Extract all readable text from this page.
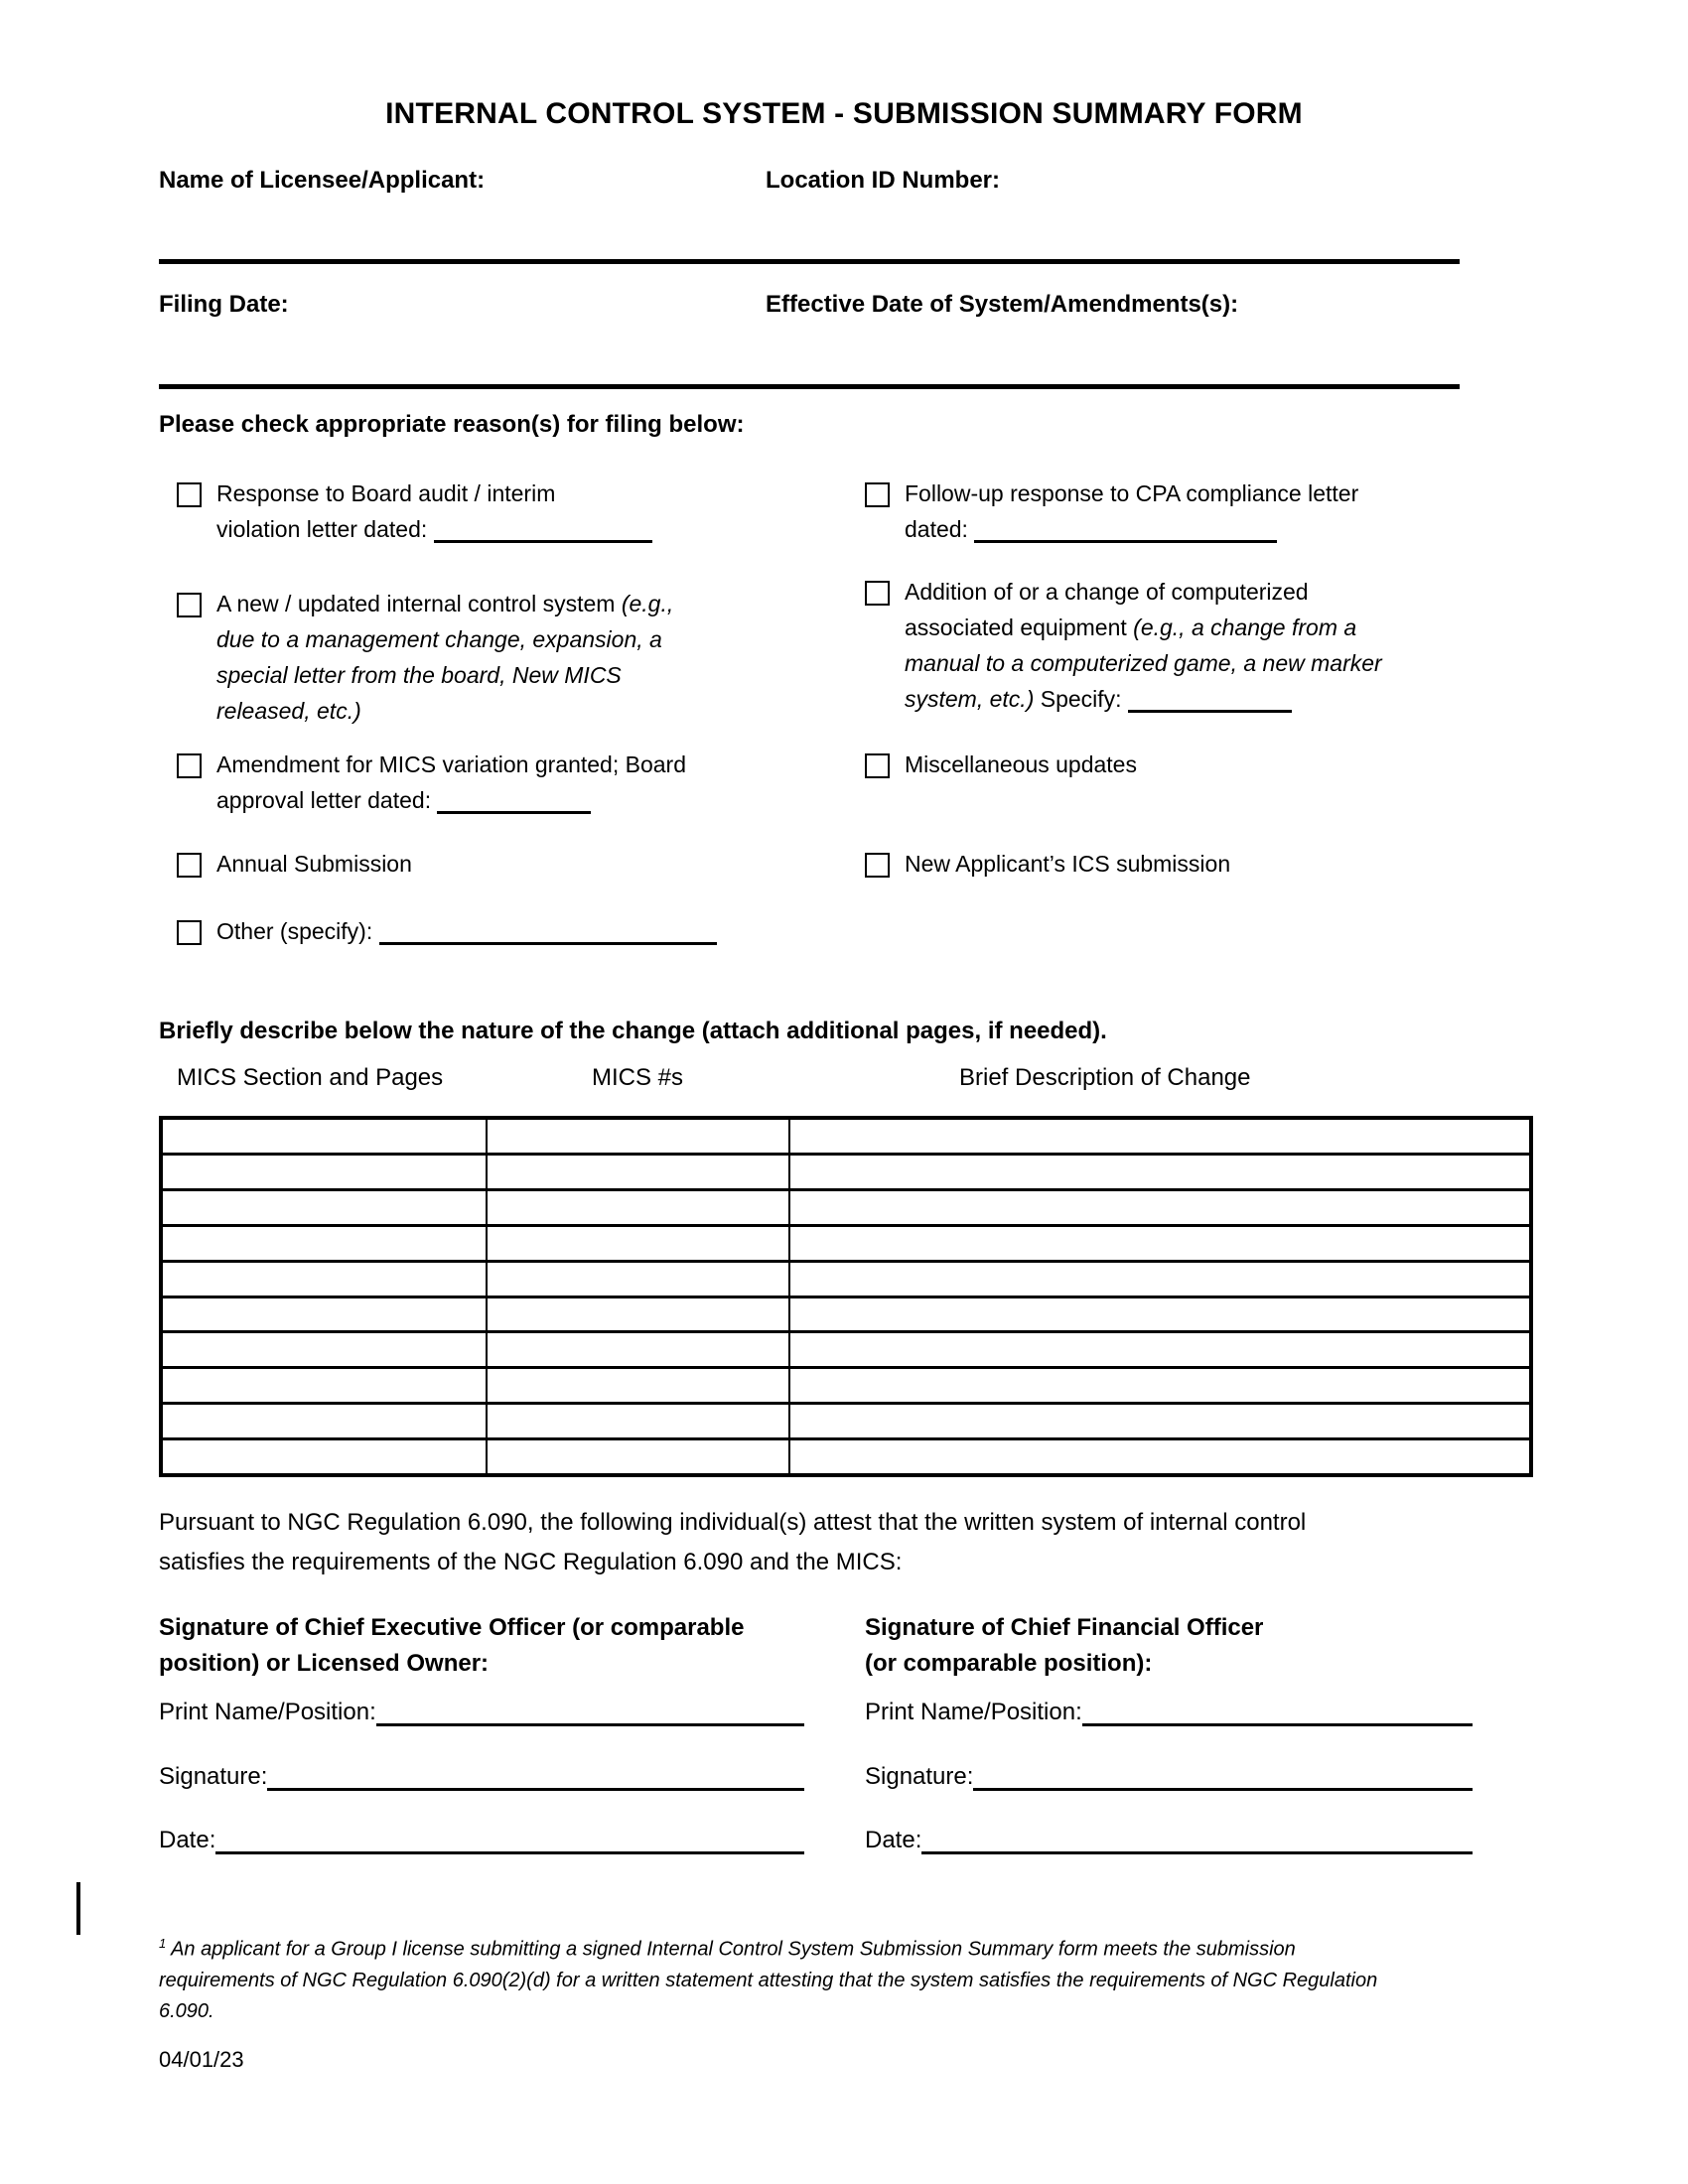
INTERNAL CONTROL SYSTEM - SUBMISSION SUMMARY FORM
Name of Licensee/Applicant:	Location ID Number:
Filing Date:	Effective Date of System/Amendments(s):
Please check appropriate reason(s) for filing below:
Response to Board audit / interim
violation letter dated:
A new / updated internal control system (e.g.,
due to a management change, expansion, a
special letter from the board, New MICS
released, etc.)
Amendment for MICS variation granted; Board
approval letter dated:
Annual Submission
Other (specify):
Follow-up response to CPA compliance letter
dated:
Addition of or a change of computerized
associated equipment (e.g., a change from a
manual to a computerized game, a new marker
system, etc.) Specify:
Miscellaneous updates
New Applicant’s ICS submission
Briefly describe below the nature of the change (attach additional pages, if needed).
MICS Section and Pages	MICS #s	Brief Description of Change
Pursuant to NGC Regulation 6.090, the following individual(s) attest that the written system of internal control
satisfies the requirements of the NGC Regulation 6.090 and the MICS:
Signature of Chief Executive Officer (or comparable
position) or Licensed Owner:
Signature of Chief Financial Officer
(or comparable position):
Print Name/Position:
Signature:
Date:
Print Name/Position:
Signature:
Date:
$^1$ An applicant for a Group I license submitting a signed Internal Control System Submission Summary form meets the submission
requirements of NGC Regulation 6.090(2)(d) for a written statement attesting that the system satisfies the requirements of NGC Regulation
6.090.
04/01/23
